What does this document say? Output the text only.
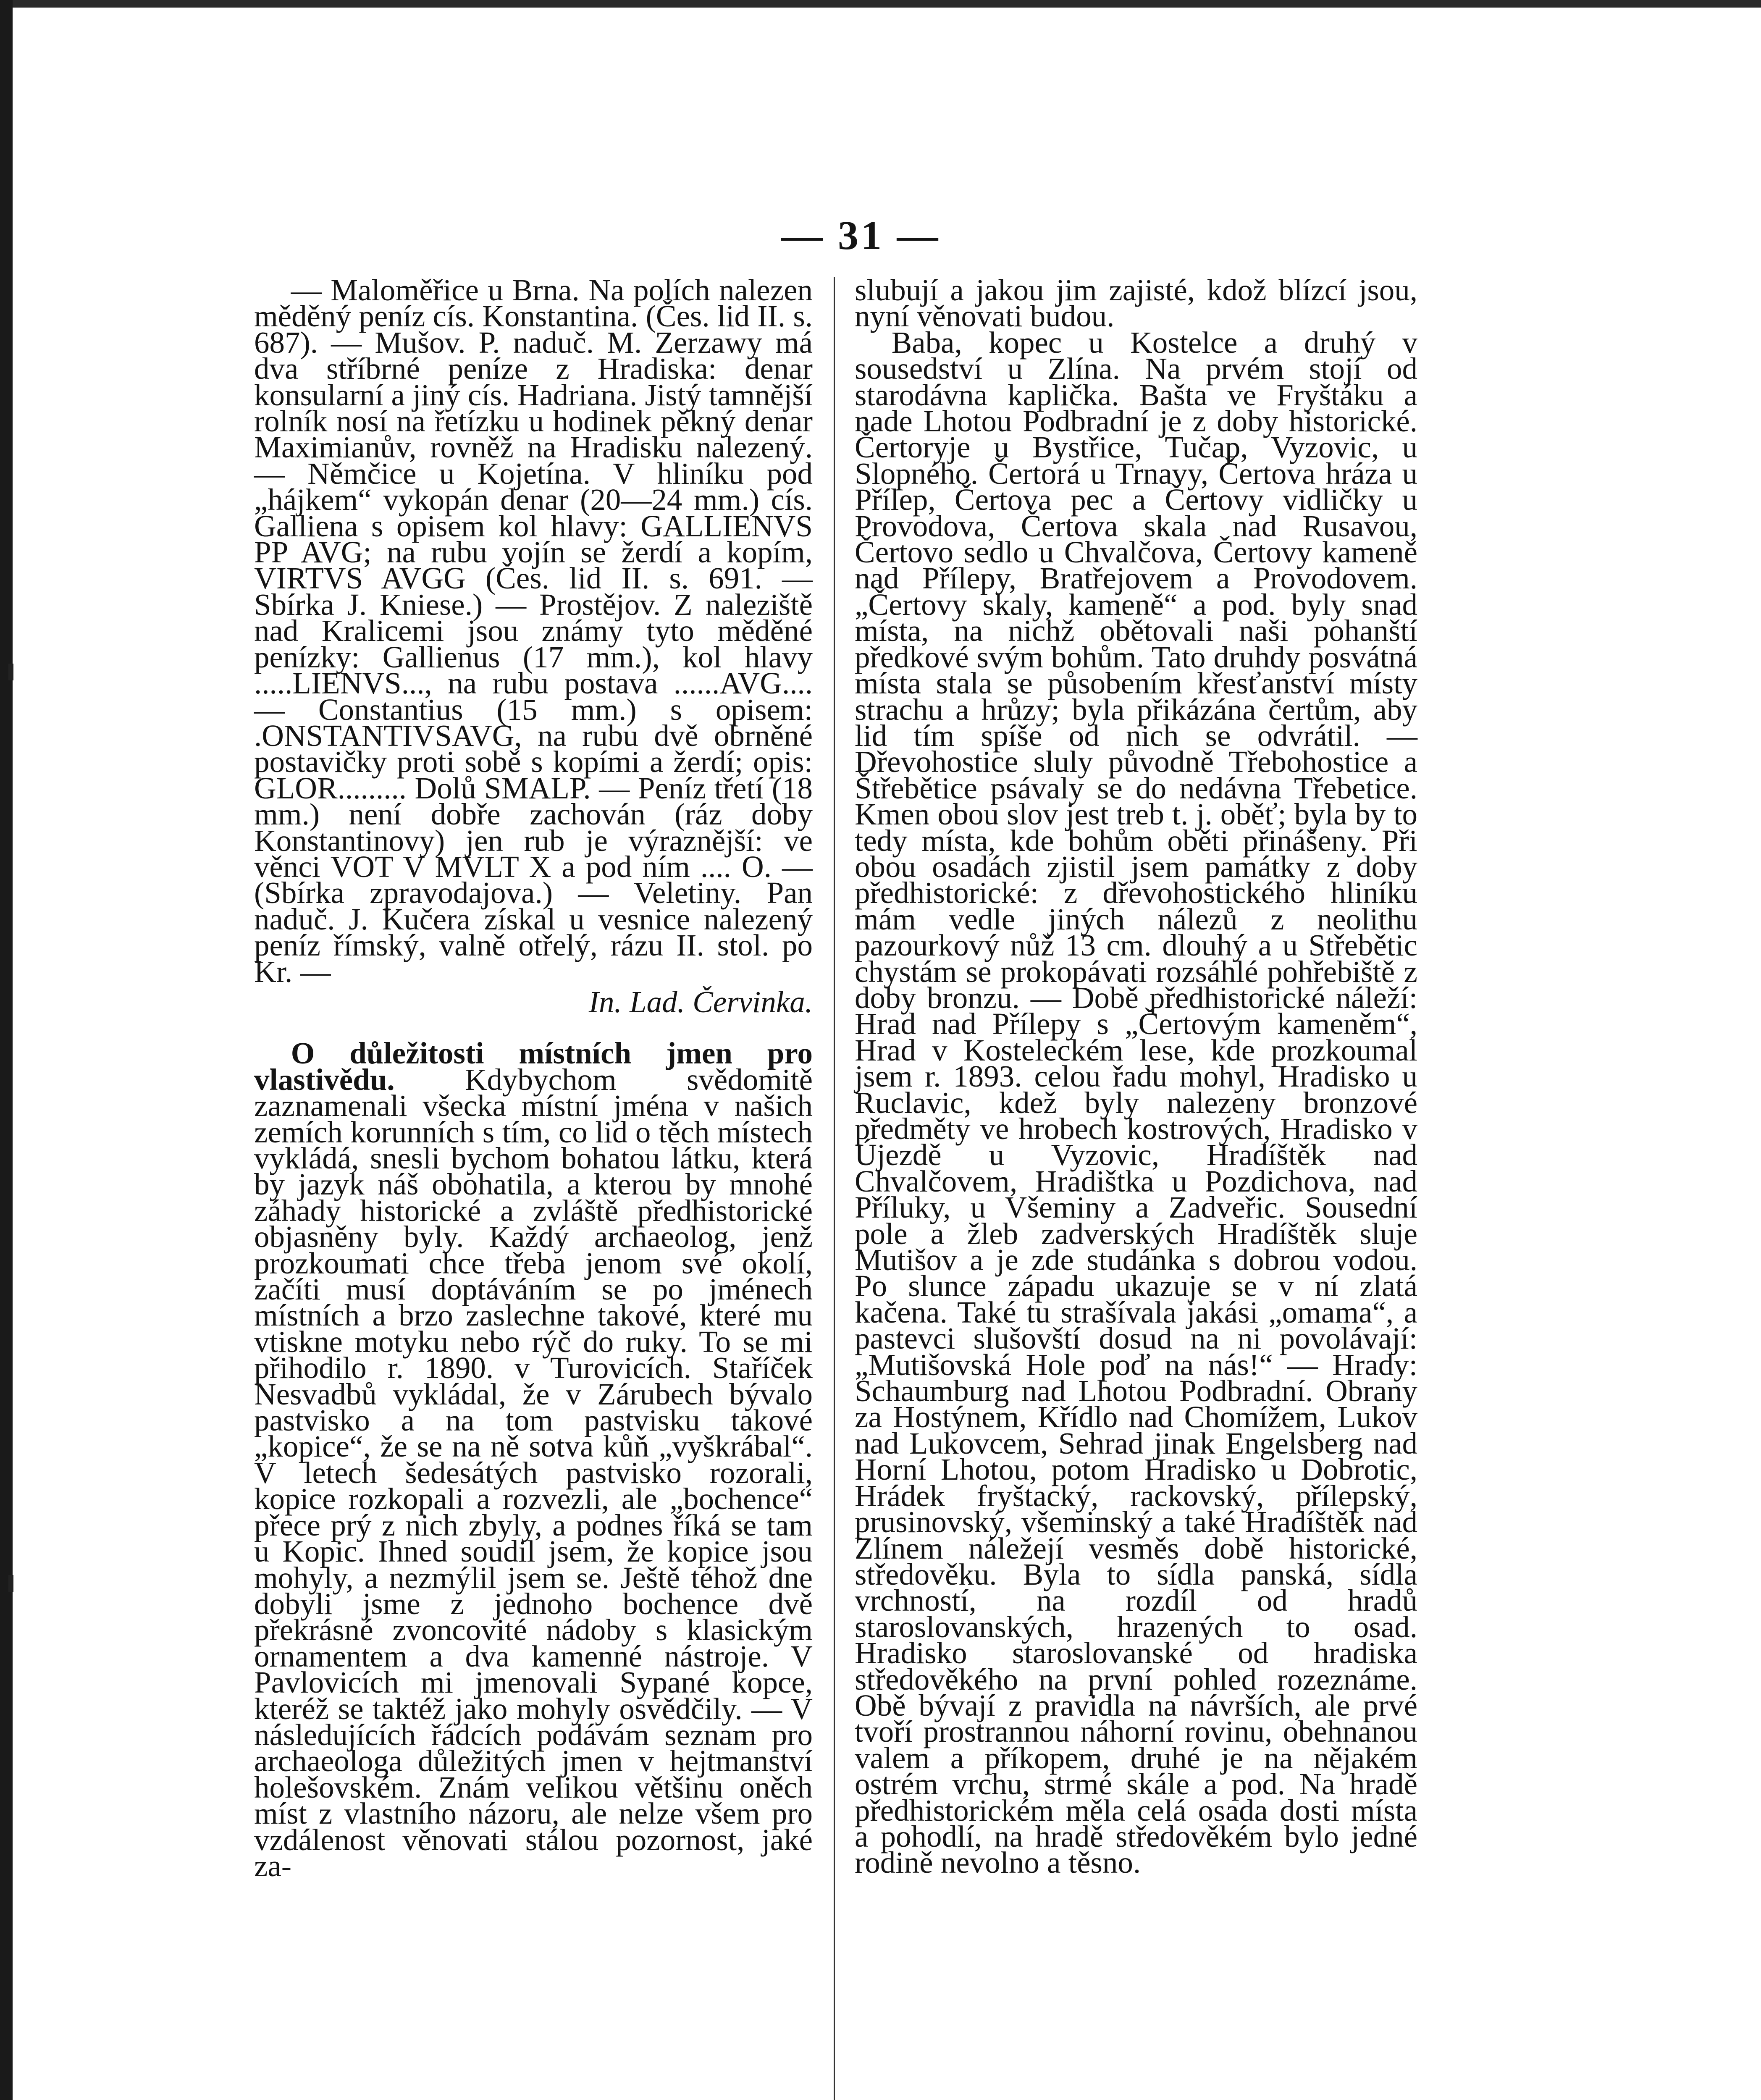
— 31 —

— Maloměřice u Brna. Na polích nalezen měděný peníz cís. Konstantina. (Čes. lid II. s. 687). — Mušov. P. naduč. M. Zerzawy má dva stříbrné peníze z Hradiska: denar konsularní a jiný cís. Hadriana. Jistý tamnější rolník nosí na řetízku u hodinek pěkný denar Maximianův, rovněž na Hradisku nalezený. — Němčice u Kojetína. V hliníku pod „hájkem“ vykopán denar (20—24 mm.) cís. Galliena s opisem kol hlavy: GALLIENVS PP AVG; na rubu vojín se žerdí a kopím, VIRTVS AVGG (Čes. lid II. s. 691. — Sbírka J. Kniese.) — Prostějov. Z naleziště nad Kralicemi jsou známy tyto měděné penízky: Gallienus (17 mm.), kol hlavy .....LIENVS..., na rubu postava ......AVG.... — Constantius (15 mm.) s opisem: .ONSTANTIVSAVG, na rubu dvě obrněné postavičky proti sobě s kopími a žerdí; opis: GLOR......... Dolů SMALP. — Peníz třetí (18 mm.) není dobře zachován (ráz doby Konstantinovy) jen rub je výraznější: ve věnci VOT V MVLT X a pod ním .... O. — (Sbírka zpravodajova.) — Veletiny. Pan naduč. J. Kučera získal u vesnice nalezený peníz římský, valně otřelý, rázu II. stol. po Kr. —

In. Lad. Červinka.

O důležitosti místních jmen pro vlastivědu. Kdybychom svědomitě zaznamenali všecka místní jména v našich zemích korunních s tím, co lid o těch místech vykládá, snesli bychom bohatou látku, která by jazyk náš obohatila, a kterou by mnohé záhady historické a zvláště předhistorické objasněny byly. Každý archaeolog, jenž prozkoumati chce třeba jenom své okolí, začíti musí doptáváním se po jménech místních a brzo zaslechne takové, které mu vtiskne motyku nebo rýč do ruky. To se mi přihodilo r. 1890. v Turovicích. Staříček Nesvadbů vykládal, že v Zárubech bývalo pastvisko a na tom pastvisku takové „kopice“, že se na ně sotva kůň „vyškrábal“. V letech šedesátých pastvisko rozorali, kopice rozkopali a rozvezli, ale „bochence“ přece prý z nich zbyly, a podnes říká se tam u Kopic. Ihned soudil jsem, že kopice jsou mohyly, a nezmýlil jsem se. Ještě téhož dne dobyli jsme z jednoho bochence dvě překrásné zvoncovité nádoby s klasickým ornamentem a dva kamenné nástroje. V Pavlovicích mi jmenovali Sypané kopce, kteréž se taktéž jako mohyly osvědčily. — V následujících řádcích podávám seznam pro archaeologa důležitých jmen v hejtmanství holešovském. Znám velikou většinu oněch míst z vlastního názoru, ale nelze všem pro vzdálenost věnovati stálou pozornost, jaké za-

slubují a jakou jim zajisté, kdož blízcí jsou, nyní věnovati budou.

Baba, kopec u Kostelce a druhý v sousedství u Zlína. Na prvém stojí od starodávna kaplička. Bašta ve Fryštáku a nade Lhotou Podbradní je z doby historické. Čertoryje u Bystřice, Tučap, Vyzovic, u Slopného. Čertorá u Trnavy, Čertova hráza u Přílep, Čertova pec a Čertovy vidličky u Provodova, Čertova skala nad Rusavou, Čertovo sedlo u Chvalčova, Čertovy kameně nad Přílepy, Bratřejovem a Provodovem. „Čertovy skaly, kameně“ a pod. byly snad místa, na nichž obětovali naši pohanští předkové svým bohům. Tato druhdy posvátná místa stala se působením křesťanství místy strachu a hrůzy; byla přikázána čertům, aby lid tím spíše od nich se odvrátil. — Dřevohostice sluly původně Třebohostice a Štřebětice psávaly se do nedávna Třebetice. Kmen obou slov jest treb t. j. oběť; byla by to tedy místa, kde bohům oběti přinášeny. Při obou osadách zjistil jsem památky z doby předhistorické: z dřevohostického hliníku mám vedle jiných nálezů z neolithu pazourkový nůž 13 cm. dlouhý a u Střebětic chystám se prokopávati rozsáhlé pohřebiště z doby bronzu. — Době předhistorické náleží: Hrad nad Přílepy s „Čertovým kameněm“, Hrad v Kosteleckém lese, kde prozkoumal jsem r. 1893. celou řadu mohyl, Hradisko u Ruclavic, kdež byly nalezeny bronzové předměty ve hrobech kostrových, Hradisko v Újezdě u Vyzovic, Hradíštěk nad Chvalčovem, Hradištka u Pozdichova, nad Příluky, u Všeminy a Zadveřic. Sousední pole a žleb zadverských Hradíštěk sluje Mutišov a je zde studánka s dobrou vodou. Po slunce západu ukazuje se v ní zlatá kačena. Také tu strašívala jakási „omama“, a pastevci slušovští dosud na ni povolávají: „Mutišovská Hole poď na nás!“ — Hrady: Schaumburg nad Lhotou Podbradní. Obrany za Hostýnem, Křídlo nad Chomížem, Lukov nad Lukovcem, Sehrad jinak Engelsberg nad Horní Lhotou, potom Hradisko u Dobrotic, Hrádek fryštacký, rackovský, přílepský, prusinovský, všeminský a také Hradíštěk nad Zlínem náležejí vesměs době historické, středověku. Byla to sídla panská, sídla vrchností, na rozdíl od hradů staroslovanských, hrazených to osad. Hradisko staroslovanské od hradiska středověkého na první pohled rozeznáme. Obě bývají z pravidla na návrších, ale prvé tvoří prostrannou náhorní rovinu, obehnanou valem a příkopem, druhé je na nějakém ostrém vrchu, strmé skále a pod. Na hradě předhistorickém měla celá osada dosti místa a pohodlí, na hradě středověkém bylo jedné rodině nevolno a těsno.
